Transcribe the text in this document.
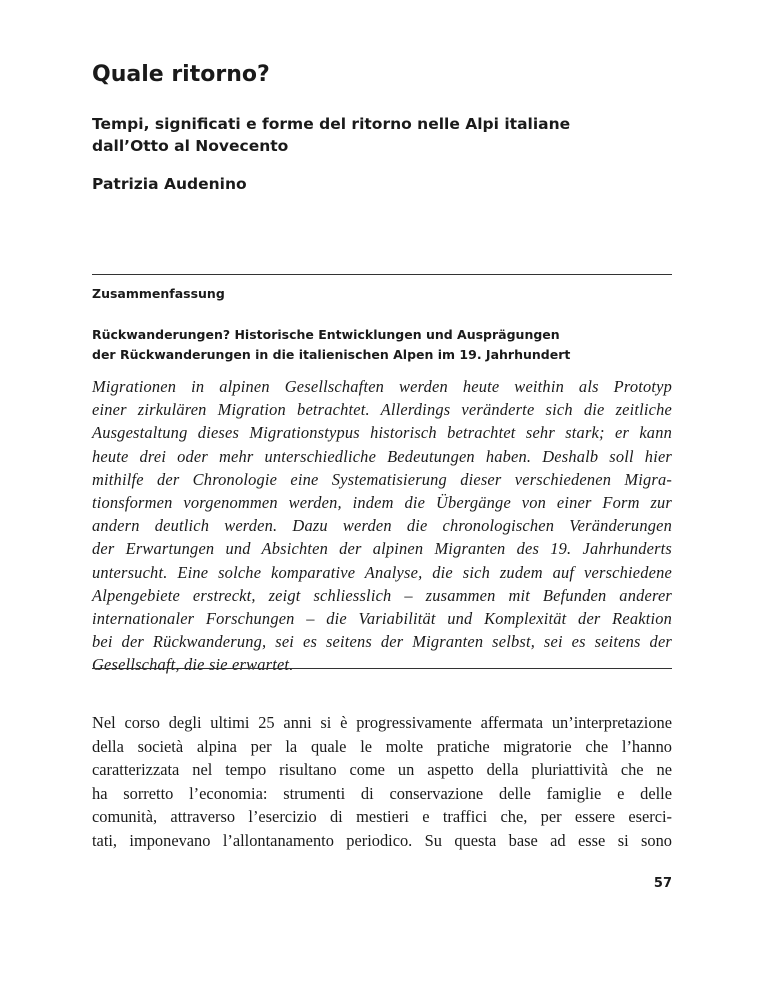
Quale ritorno?
Tempi, significati e forme del ritorno nelle Alpi italiane
dall’Otto al Novecento
Patrizia Audenino
Zusammenfassung
Rückwanderungen? Historische Entwicklungen und Ausprägungen
der Rückwanderungen in die italienischen Alpen im 19. Jahrhundert
Migrationen in alpinen Gesellschaften werden heute weithin als Prototyp
einer zirkulären Migration betrachtet. Allerdings veränderte sich die zeitliche
Ausgestaltung dieses Migrationstypus historisch betrachtet sehr stark; er kann
heute drei oder mehr unterschiedliche Bedeutungen haben. Deshalb soll hier
mithilfe der Chronologie eine Systematisierung dieser verschiedenen Migra-
tionsformen vorgenommen werden, indem die Übergänge von einer Form zur
andern deutlich werden. Dazu werden die chronologischen Veränderungen
der Erwartungen und Absichten der alpinen Migranten des 19. Jahrhunderts
untersucht. Eine solche komparative Analyse, die sich zudem auf verschiedene
Alpengebiete erstreckt, zeigt schliesslich – zusammen mit Befunden anderer
internationaler Forschungen – die Variabilität und Komplexität der Reaktion
bei der Rückwanderung, sei es seitens der Migranten selbst, sei es seitens der
Gesellschaft, die sie erwartet.
Nel corso degli ultimi 25 anni si è progressivamente affermata un’interpretazione
della società alpina per la quale le molte pratiche migratorie che l’hanno
caratterizzata nel tempo risultano come un aspetto della pluriattività che ne
ha sorretto l’economia: strumenti di conservazione delle famiglie e delle
comunità, attraverso l’esercizio di mestieri e traffici che, per essere eserci-
tati, imponevano l’allontanamento periodico. Su questa base ad esse si sono
57
